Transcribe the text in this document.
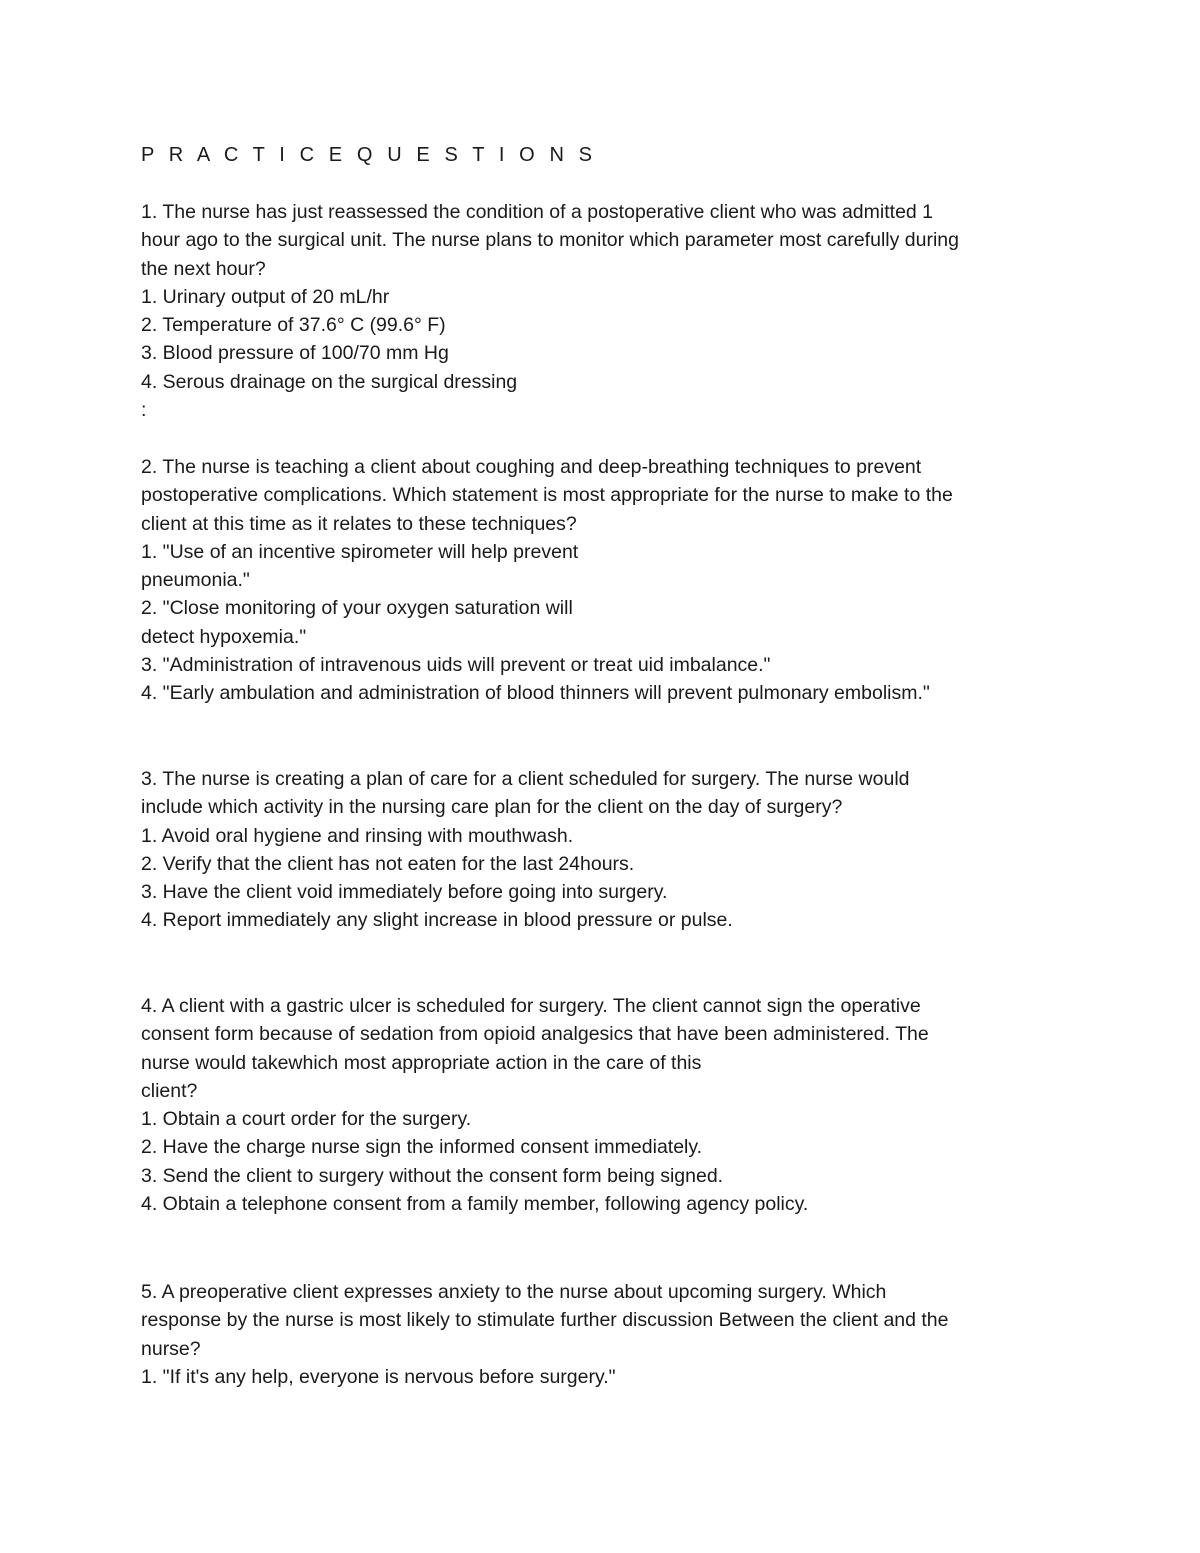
P R A C T I C E Q U E S T I O N S
1. The nurse has just reassessed the condition of a postoperative client who was admitted 1
hour ago to the surgical unit. The nurse plans to monitor which parameter most carefully during
the next hour?
1. Urinary output of 20 mL/hr
2. Temperature of 37.6° C (99.6° F)
3. Blood pressure of 100/70 mm Hg
4. Serous drainage on the surgical dressing
:
2. The nurse is teaching a client about coughing and deep-breathing techniques to prevent
postoperative complications. Which statement is most appropriate for the nurse to make to the
client at this time as it relates to these techniques?
1. "Use of an incentive spirometer will help prevent
pneumonia."
2. "Close monitoring of your oxygen saturation will
detect hypoxemia."
3. "Administration of intravenous uids will prevent or treat uid imbalance."
4. "Early ambulation and administration of blood thinners will prevent pulmonary embolism."
3. The nurse is creating a plan of care for a client scheduled for surgery. The nurse would
include which activity in the nursing care plan for the client on the day of surgery?
1. Avoid oral hygiene and rinsing with mouthwash.
2. Verify that the client has not eaten for the last 24hours.
3. Have the client void immediately before going into surgery.
4. Report immediately any slight increase in blood pressure or pulse.
4. A client with a gastric ulcer is scheduled for surgery. The client cannot sign the operative
consent form because of sedation from opioid analgesics that have been administered. The
nurse would takewhich most appropriate action in the care of this
client?
1. Obtain a court order for the surgery.
2. Have the charge nurse sign the informed consent immediately.
3. Send the client to surgery without the consent form being signed.
4. Obtain a telephone consent from a family member, following agency policy.
5. A preoperative client expresses anxiety to the nurse about upcoming surgery. Which
response by the nurse is most likely to stimulate further discussion Between the client and the
nurse?
1. "If it's any help, everyone is nervous before surgery."
